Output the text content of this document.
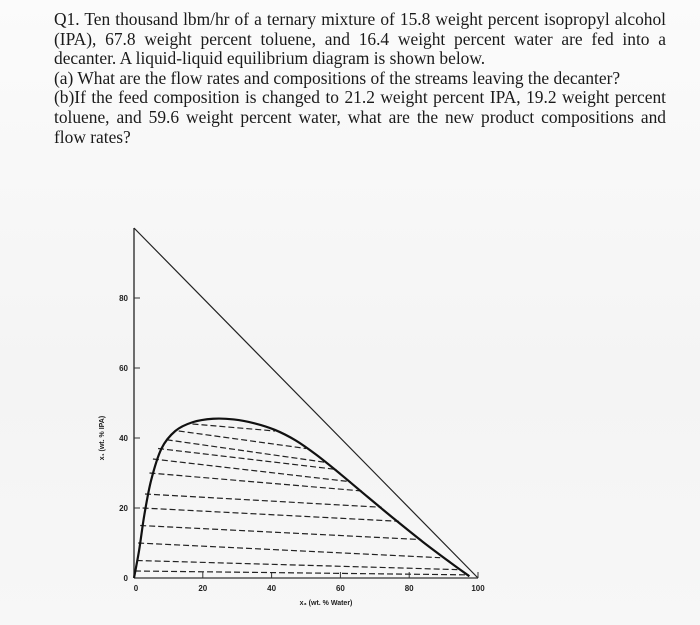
Q1. Ten thousand lbm/hr of a ternary mixture of 15.8 weight percent isopropyl alcohol (IPA), 67.8 weight percent toluene, and 16.4 weight percent water are fed into a decanter. A liquid-liquid equilibrium diagram is shown below.

(a) What are the flow rates and compositions of the streams leaving the decanter?

(b)If the feed composition is changed to 21.2 weight percent IPA, 19.2 weight percent toluene, and 59.6 weight percent water, what are the new product compositions and flow rates?

20
40
60
80
0	20	40	60	80	100
0
x₃ (wt. % Water)
x₁ (wt. % IPA)
